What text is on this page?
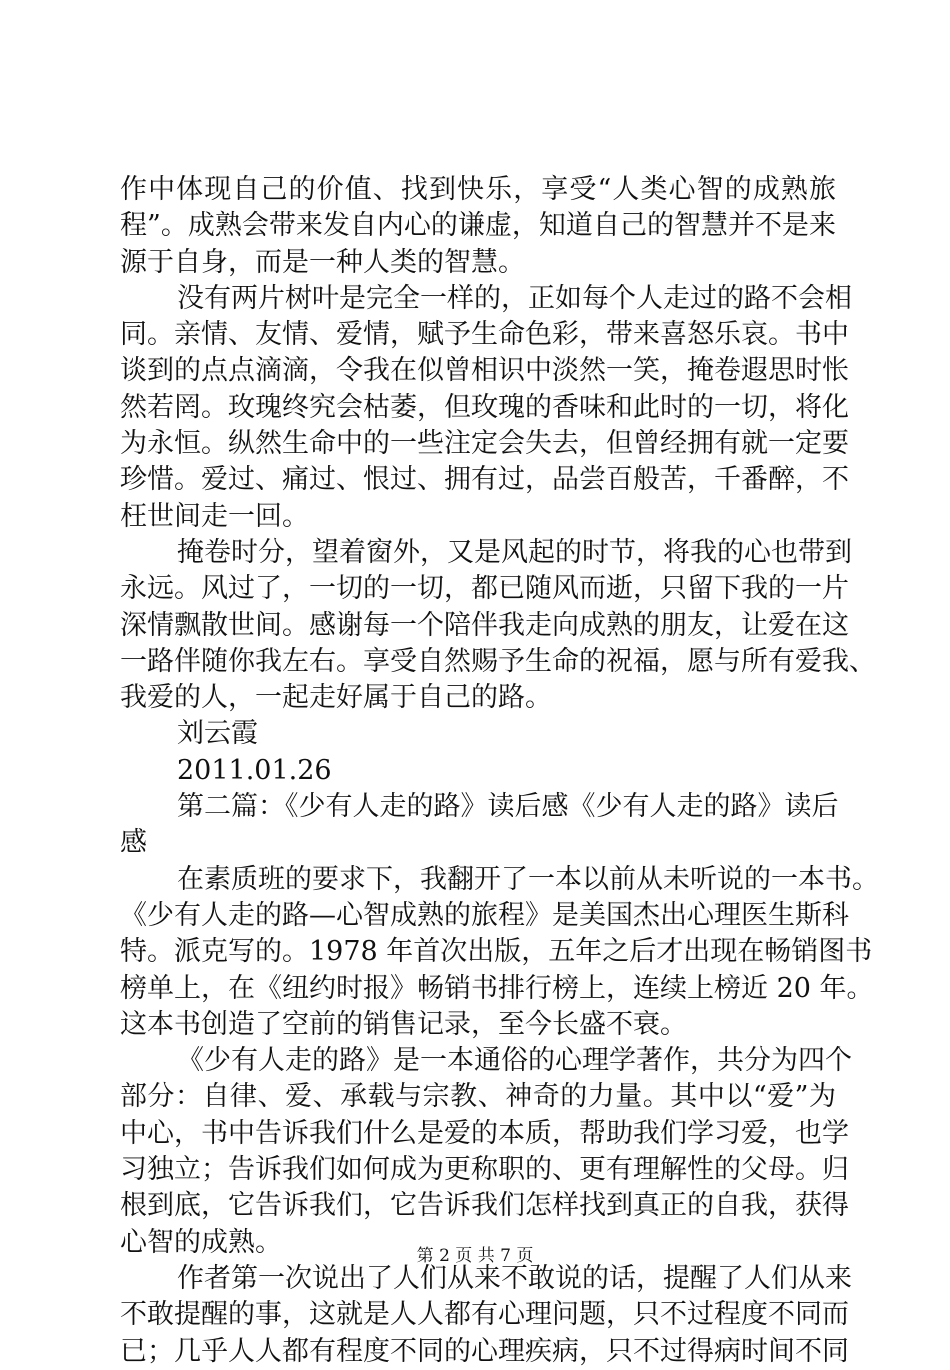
作中体现自己的价值、找到快乐，享受“人类心智的成熟旅
程”。成熟会带来发自内心的谦虚，知道自己的智慧并不是来
源于自身，而是一种人类的智慧。
没有两片树叶是完全一样的，正如每个人走过的路不会相
同。亲情、友情、爱情，赋予生命色彩，带来喜怒乐哀。书中
谈到的点点滴滴，令我在似曾相识中淡然一笑，掩卷遐思时怅
然若罔。玫瑰终究会枯萎，但玫瑰的香味和此时的一切，将化
为永恒。纵然生命中的一些注定会失去，但曾经拥有就一定要
珍惜。爱过、痛过、恨过、拥有过，品尝百般苦，千番醉，不
枉世间走一回。
掩卷时分，望着窗外，又是风起的时节，将我的心也带到
永远。风过了，一切的一切，都已随风而逝，只留下我的一片
深情飘散世间。感谢每一个陪伴我走向成熟的朋友，让爱在这
一路伴随你我左右。享受自然赐予生命的祝福，愿与所有爱我、
我爱的人，一起走好属于自己的路。
刘云霞
2011.01.26
第二篇：《少有人走的路》读后感《少有人走的路》读后
感
在素质班的要求下，我翻开了一本以前从未听说的一本书。
《少有人走的路—心智成熟的旅程》是美国杰出心理医生斯科
特。派克写的。1978 年首次出版，五年之后才出现在畅销图书
榜单上，在《纽约时报》畅销书排行榜上，连续上榜近 20 年。
这本书创造了空前的销售记录，至今长盛不衰。
《少有人走的路》是一本通俗的心理学著作，共分为四个
部分：自律、爱、承载与宗教、神奇的力量。其中以“爱”为
中心，书中告诉我们什么是爱的本质，帮助我们学习爱，也学
习独立；告诉我们如何成为更称职的、更有理解性的父母。归
根到底，它告诉我们，它告诉我们怎样找到真正的自我，获得
心智的成熟。
作者第一次说出了人们从来不敢说的话，提醒了人们从来
不敢提醒的事，这就是人人都有心理问题，只不过程度不同而
已；几乎人人都有程度不同的心理疾病，只不过得病时间不同
第 2 页 共 7 页
